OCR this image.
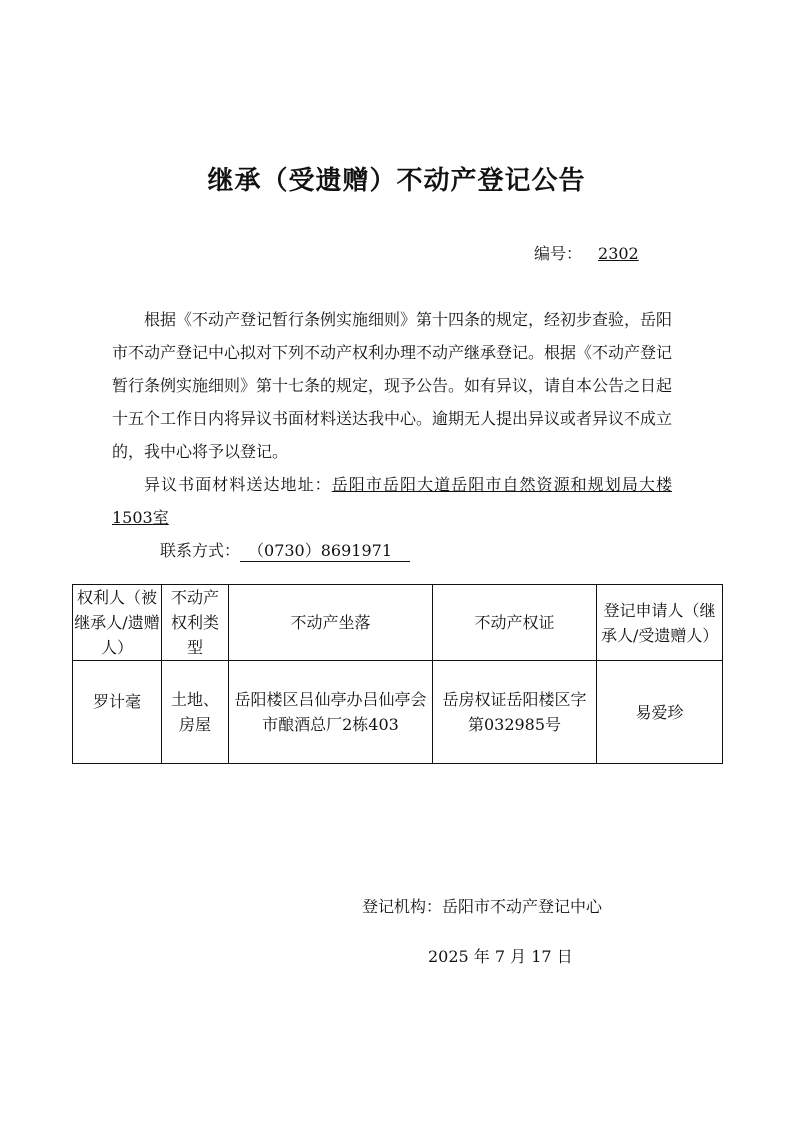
继承（受遗赠）不动产登记公告
编号： 2302

根据《不动产登记暂行条例实施细则》第十四条的规定，经初步查验，岳阳市不动产登记中心拟对下列不动产权利办理不动产继承登记。根据《不动产登记暂行条例实施细则》第十七条的规定，现予公告。如有异议，请自本公告之日起十五个工作日内将异议书面材料送达我中心。逾期无人提出异议或者异议不成立的，我中心将予以登记。

异议书面材料送达地址：岳阳市岳阳大道岳阳市自然资源和规划局大楼1503室

联系方式： （0730）8691971
权利人（被继承人/遗赠人）	不动产权利类型	不动产坐落	不动产权证	登记申请人（继承人/受遗赠人）
罗计毫	土地、房屋	岳阳楼区吕仙亭办吕仙亭会市酿酒总厂2栋403	岳房权证岳阳楼区字第032985号	易爱珍
登记机构：岳阳市不动产登记中心
2025 年 7 月 17 日
